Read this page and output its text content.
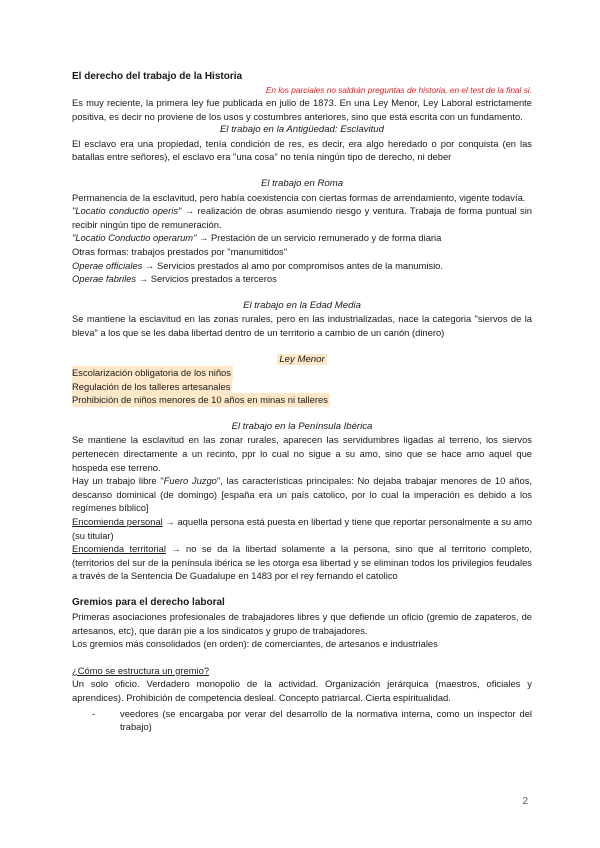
El derecho del trabajo de la Historia

En los parciales no saldrán preguntas de historia, en el test de la final si.

Es muy reciente, la primera ley fue publicada en julio de 1873. En una Ley Menor, Ley Laboral estrictamente positiva, es decir no proviene de los usos y costumbres anteriores, sino que está escrita con un fundamento.

El trabajo en la Antigüedad: Esclavitud

El esclavo era una propiedad, tenía condición de res, es decir, era algo heredado o por conquista (en las batallas entre señores), el esclavo era "una cosa" no tenía ningún tipo de derecho, ni deber

El trabajo en Roma

Permanencia de la esclavitud, pero había coexistencia con ciertas formas de arrendamiento, vigente todavía.

"Locatio conductio operis" → realización de obras asumiendo riesgo y ventura. Trabaja de forma puntual sin recibir ningún tipo de remuneración.

"Locatio Conductio operarum" → Prestación de un servicio remunerado y de forma diaria

Otras formas: trabajos prestados por "manumitidos"

Operae officiales → Servicios prestados al amo por compromisos antes de la manumisio.

Operae fabriles → Servicios prestados a terceros

El trabajo en la Edad Media

Se mantiene la esclavitud en las zonas rurales, pero en las industrializadas, nace la categoria "siervos de la bleva" a los que se les daba libertad dentro de un territorio a cambio de un canón (dinero)

Ley Menor

Escolarización obligatoria de los niños

Regulación de los talleres artesanales

Prohibición de niños menores de 10 años en minas ni talleres

El trabajo en la Península Ibérica

Se mantiene la esclavitud en las zonar rurales, aparecen las servidumbres ligadas al terreno, los siervos pertenecen directamente a un recinto, ppr lo cual no sigue a su amo, sino que se hace amo aquel que hospeda ese terreno.

Hay un trabajo libre "Fuero Juzgo", las características principales: No dejaba trabajar menores de 10 años, descanso dominical (de domingo) [españa era un país catolico, por lo cual la imperación es debido a los regímenes bíblico]

Encomienda personal → aquella persona está puesta en libertad y tiene que reportar personalmente a su amo (su titular)

Encomienda territorial → no se da la libertad solamente a la persona, sino que al territorio completo, (territorios del sur de la península ibérica se les otorga esa libertad y se eliminan todos los privilegios feudales a través de la Sentencia De Guadalupe en 1483 por el rey fernando el catolico

Gremios para el derecho laboral

Primeras asociaciones profesionales de trabajadores libres y que defiende un oficio (gremio de zapateros, de artesanos, etc), que darán pie a los sindicatos y grupo de trabajadores.

Los gremios más consolidados (en orden): de comerciantes, de artesanos e industriales

¿Cómo se estructura un gremio?

Un solo oficio. Verdadero monopolio de la actividad. Organización jerárquica (maestros, oficiales y aprendices). Prohibición de competencia desleal. Concepto patriarcal. Cierta espiritualidad.

-	veedores (se encargaba por verar del desarrollo de la normativa interna, como un inspector del trabajo)

2
